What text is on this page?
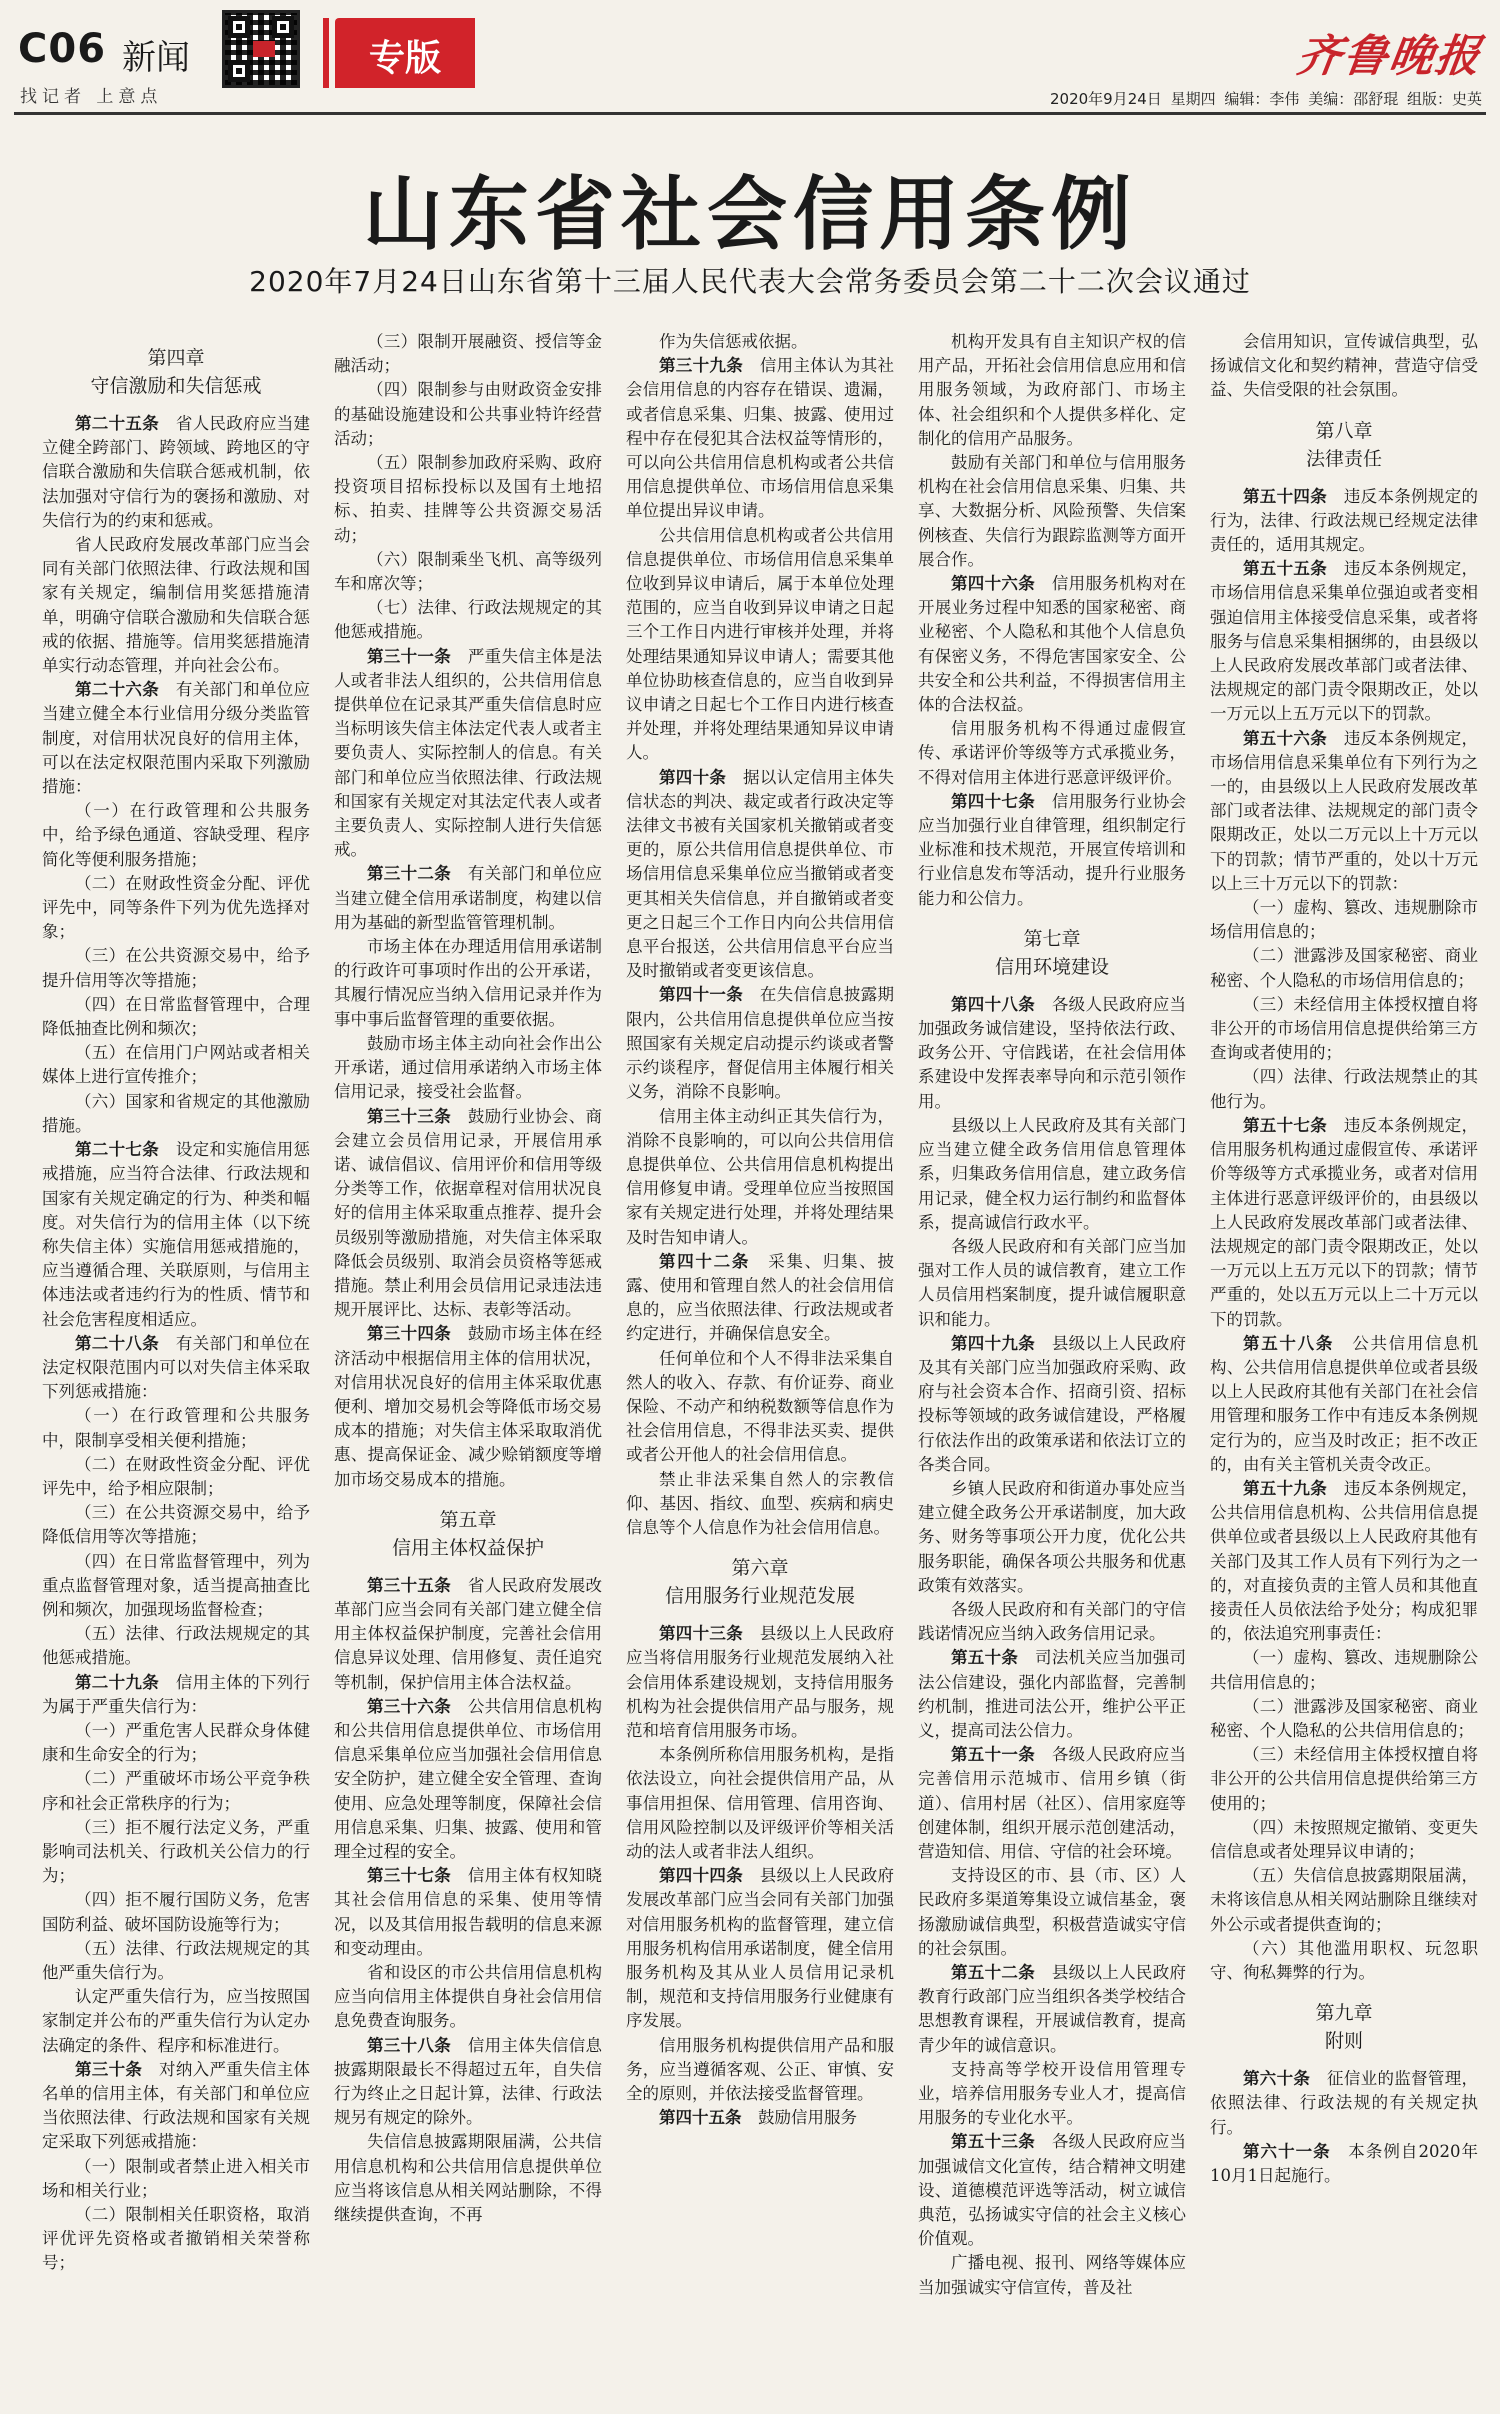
C06 新闻
找记者 上意点
专版	齐鲁晚报
2020年9月24日 星期四 编辑：李伟 美编：邵舒琨 组版：史英
山东省社会信用条例
2020年7月24日山东省第十三届人民代表大会常务委员会第二十二次会议通过
第四章
守信激励和失信惩戒

第二十五条　 省人民政府应当建立健全跨部门、跨领域、跨地区的守信联合激励和失信联合惩戒机制，依法加强对守信行为的褒扬和激励、对失信行为的约束和惩戒。

省人民政府发展改革部门应当会同有关部门依照法律、行政法规和国家有关规定，编制信用奖惩措施清单，明确守信联合激励和失信联合惩戒的依据、措施等。信用奖惩措施清单实行动态管理，并向社会公布。

第二十六条　 有关部门和单位应当建立健全本行业信用分级分类监管制度，对信用状况良好的信用主体，可以在法定权限范围内采取下列激励措施：

（一）在行政管理和公共服务中，给予绿色通道、容缺受理、程序简化等便利服务措施；

（二）在财政性资金分配、评优评先中，同等条件下列为优先选择对象；

（三）在公共资源交易中，给予提升信用等次等措施；

（四）在日常监督管理中，合理降低抽查比例和频次；

（五）在信用门户网站或者相关媒体上进行宣传推介；

（六）国家和省规定的其他激励措施。

第二十七条　 设定和实施信用惩戒措施，应当符合法律、行政法规和国家有关规定确定的行为、种类和幅度。对失信行为的信用主体（以下统称失信主体）实施信用惩戒措施的，应当遵循合理、关联原则，与信用主体违法或者违约行为的性质、情节和社会危害程度相适应。

第二十八条　 有关部门和单位在法定权限范围内可以对失信主体采取下列惩戒措施：

（一）在行政管理和公共服务中，限制享受相关便利措施；

（二）在财政性资金分配、评优评先中，给予相应限制；

（三）在公共资源交易中，给予降低信用等次等措施；

（四）在日常监督管理中，列为重点监督管理对象，适当提高抽查比例和频次，加强现场监督检查；

（五）法律、行政法规规定的其他惩戒措施。

第二十九条　 信用主体的下列行为属于严重失信行为：

（一）严重危害人民群众身体健康和生命安全的行为；

（二）严重破坏市场公平竞争秩序和社会正常秩序的行为；

（三）拒不履行法定义务，严重影响司法机关、行政机关公信力的行为；

（四）拒不履行国防义务，危害国防利益、破坏国防设施等行为；

（五）法律、行政法规规定的其他严重失信行为。

认定严重失信行为，应当按照国家制定并公布的严重失信行为认定办法确定的条件、程序和标准进行。

第三十条　 对纳入严重失信主体名单的信用主体，有关部门和单位应当依照法律、行政法规和国家有关规定采取下列惩戒措施：

（一）限制或者禁止进入相关市场和相关行业；

（二）限制相关任职资格，取消评优评先资格或者撤销相关荣誉称号；

（三）限制开展融资、授信等金融活动；

（四）限制参与由财政资金安排的基础设施建设和公共事业特许经营活动；

（五）限制参加政府采购、政府投资项目招标投标以及国有土地招标、拍卖、挂牌等公共资源交易活动；

（六）限制乘坐飞机、高等级列车和席次等；

（七）法律、行政法规规定的其他惩戒措施。

第三十一条　 严重失信主体是法人或者非法人组织的，公共信用信息提供单位在记录其严重失信信息时应当标明该失信主体法定代表人或者主要负责人、实际控制人的信息。有关部门和单位应当依照法律、行政法规和国家有关规定对其法定代表人或者主要负责人、实际控制人进行失信惩戒。

第三十二条　 有关部门和单位应当建立健全信用承诺制度，构建以信用为基础的新型监管管理机制。

市场主体在办理适用信用承诺制的行政许可事项时作出的公开承诺，其履行情况应当纳入信用记录并作为事中事后监督管理的重要依据。

鼓励市场主体主动向社会作出公开承诺，通过信用承诺纳入市场主体信用记录，接受社会监督。

第三十三条　 鼓励行业协会、商会建立会员信用记录，开展信用承诺、诚信倡议、信用评价和信用等级分类等工作，依据章程对信用状况良好的信用主体采取重点推荐、提升会员级别等激励措施，对失信主体采取降低会员级别、取消会员资格等惩戒措施。禁止利用会员信用记录违法违规开展评比、达标、表彰等活动。

第三十四条　 鼓励市场主体在经济活动中根据信用主体的信用状况，对信用状况良好的信用主体采取优惠便利、增加交易机会等降低市场交易成本的措施；对失信主体采取取消优惠、提高保证金、减少赊销额度等增加市场交易成本的措施。

第五章
信用主体权益保护

第三十五条　 省人民政府发展改革部门应当会同有关部门建立健全信用主体权益保护制度，完善社会信用信息异议处理、信用修复、责任追究等机制，保护信用主体合法权益。

第三十六条　 公共信用信息机构和公共信用信息提供单位、市场信用信息采集单位应当加强社会信用信息安全防护，建立健全安全管理、查询使用、应急处理等制度，保障社会信用信息采集、归集、披露、使用和管理全过程的安全。

第三十七条　 信用主体有权知晓其社会信用信息的采集、使用等情况，以及其信用报告载明的信息来源和变动理由。

省和设区的市公共信用信息机构应当向信用主体提供自身社会信用信息免费查询服务。

第三十八条　 信用主体失信信息披露期限最长不得超过五年，自失信行为终止之日起计算，法律、行政法规另有规定的除外。

失信信息披露期限届满，公共信用信息机构和公共信用信息提供单位应当将该信息从相关网站删除，不得继续提供查询，不再

作为失信惩戒依据。

第三十九条　 信用主体认为其社会信用信息的内容存在错误、遗漏，或者信息采集、归集、披露、使用过程中存在侵犯其合法权益等情形的，可以向公共信用信息机构或者公共信用信息提供单位、市场信用信息采集单位提出异议申请。

公共信用信息机构或者公共信用信息提供单位、市场信用信息采集单位收到异议申请后，属于本单位处理范围的，应当自收到异议申请之日起三个工作日内进行审核并处理，并将处理结果通知异议申请人；需要其他单位协助核查信息的，应当自收到异议申请之日起七个工作日内进行核查并处理，并将处理结果通知异议申请人。

第四十条　 据以认定信用主体失信状态的判决、裁定或者行政决定等法律文书被有关国家机关撤销或者变更的，原公共信用信息提供单位、市场信用信息采集单位应当撤销或者变更其相关失信信息，并自撤销或者变更之日起三个工作日内向公共信用信息平台报送，公共信用信息平台应当及时撤销或者变更该信息。

第四十一条　 在失信信息披露期限内，公共信用信息提供单位应当按照国家有关规定启动提示约谈或者警示约谈程序，督促信用主体履行相关义务，消除不良影响。

信用主体主动纠正其失信行为，消除不良影响的，可以向公共信用信息提供单位、公共信用信息机构提出信用修复申请。受理单位应当按照国家有关规定进行处理，并将处理结果及时告知申请人。

第四十二条　 采集、归集、披露、使用和管理自然人的社会信用信息的，应当依照法律、行政法规或者约定进行，并确保信息安全。

任何单位和个人不得非法采集自然人的收入、存款、有价证券、商业保险、不动产和纳税数额等信息作为社会信用信息，不得非法买卖、提供或者公开他人的社会信用信息。

禁止非法采集自然人的宗教信仰、基因、指纹、血型、疾病和病史信息等个人信息作为社会信用信息。

第六章
信用服务行业规范发展

第四十三条　 县级以上人民政府应当将信用服务行业规范发展纳入社会信用体系建设规划，支持信用服务机构为社会提供信用产品与服务，规范和培育信用服务市场。

本条例所称信用服务机构，是指依法设立，向社会提供信用产品，从事信用担保、信用管理、信用咨询、信用风险控制以及评级评价等相关活动的法人或者非法人组织。

第四十四条　 县级以上人民政府发展改革部门应当会同有关部门加强对信用服务机构的监督管理，建立信用服务机构信用承诺制度，健全信用服务机构及其从业人员信用记录机制，规范和支持信用服务行业健康有序发展。

信用服务机构提供信用产品和服务，应当遵循客观、公正、审慎、安全的原则，并依法接受监督管理。

第四十五条　 鼓励信用服务

机构开发具有自主知识产权的信用产品，开拓社会信用信息应用和信用服务领域，为政府部门、市场主体、社会组织和个人提供多样化、定制化的信用产品服务。

鼓励有关部门和单位与信用服务机构在社会信用信息采集、归集、共享、大数据分析、风险预警、失信案例核查、失信行为跟踪监测等方面开展合作。

第四十六条　 信用服务机构对在开展业务过程中知悉的国家秘密、商业秘密、个人隐私和其他个人信息负有保密义务，不得危害国家安全、公共安全和公共利益，不得损害信用主体的合法权益。

信用服务机构不得通过虚假宣传、承诺评价等级等方式承揽业务，不得对信用主体进行恶意评级评价。

第四十七条　 信用服务行业协会应当加强行业自律管理，组织制定行业标准和技术规范，开展宣传培训和行业信息发布等活动，提升行业服务能力和公信力。

第七章
信用环境建设

第四十八条　 各级人民政府应当加强政务诚信建设，坚持依法行政、政务公开、守信践诺，在社会信用体系建设中发挥表率导向和示范引领作用。

县级以上人民政府及其有关部门应当建立健全政务信用信息管理体系，归集政务信用信息，建立政务信用记录，健全权力运行制约和监督体系，提高诚信行政水平。

各级人民政府和有关部门应当加强对工作人员的诚信教育，建立工作人员信用档案制度，提升诚信履职意识和能力。

第四十九条　 县级以上人民政府及其有关部门应当加强政府采购、政府与社会资本合作、招商引资、招标投标等领域的政务诚信建设，严格履行依法作出的政策承诺和依法订立的各类合同。

乡镇人民政府和街道办事处应当建立健全政务公开承诺制度，加大政务、财务等事项公开力度，优化公共服务职能，确保各项公共服务和优惠政策有效落实。

各级人民政府和有关部门的守信践诺情况应当纳入政务信用记录。

第五十条　 司法机关应当加强司法公信建设，强化内部监督，完善制约机制，推进司法公开，维护公平正义，提高司法公信力。

第五十一条　 各级人民政府应当完善信用示范城市、信用乡镇（街道）、信用村居（社区）、信用家庭等创建体制，组织开展示范创建活动，营造知信、用信、守信的社会环境。

支持设区的市、县（市、区）人民政府多渠道筹集设立诚信基金，褒扬激励诚信典型，积极营造诚实守信的社会氛围。

第五十二条　 县级以上人民政府教育行政部门应当组织各类学校结合思想教育课程，开展诚信教育，提高青少年的诚信意识。

支持高等学校开设信用管理专业，培养信用服务专业人才，提高信用服务的专业化水平。

第五十三条　 各级人民政府应当加强诚信文化宣传，结合精神文明建设、道德模范评选等活动，树立诚信典范，弘扬诚实守信的社会主义核心价值观。

广播电视、报刊、网络等媒体应当加强诚实守信宣传，普及社

会信用知识，宣传诚信典型，弘扬诚信文化和契约精神，营造守信受益、失信受限的社会氛围。

第八章
法律责任

第五十四条　 违反本条例规定的行为，法律、行政法规已经规定法律责任的，适用其规定。

第五十五条　 违反本条例规定，市场信用信息采集单位强迫或者变相强迫信用主体接受信息采集，或者将服务与信息采集相捆绑的，由县级以上人民政府发展改革部门或者法律、法规规定的部门责令限期改正，处以一万元以上五万元以下的罚款。

第五十六条　 违反本条例规定，市场信用信息采集单位有下列行为之一的，由县级以上人民政府发展改革部门或者法律、法规规定的部门责令限期改正，处以二万元以上十万元以下的罚款；情节严重的，处以十万元以上三十万元以下的罚款：

（一）虚构、篡改、违规删除市场信用信息的；

（二）泄露涉及国家秘密、商业秘密、个人隐私的市场信用信息的；

（三）未经信用主体授权擅自将非公开的市场信用信息提供给第三方查询或者使用的；

（四）法律、行政法规禁止的其他行为。

第五十七条　 违反本条例规定，信用服务机构通过虚假宣传、承诺评价等级等方式承揽业务，或者对信用主体进行恶意评级评价的，由县级以上人民政府发展改革部门或者法律、法规规定的部门责令限期改正，处以一万元以上五万元以下的罚款；情节严重的，处以五万元以上二十万元以下的罚款。

第五十八条　 公共信用信息机构、公共信用信息提供单位或者县级以上人民政府其他有关部门在社会信用管理和服务工作中有违反本条例规定行为的，应当及时改正；拒不改正的，由有关主管机关责令改正。

第五十九条　 违反本条例规定，公共信用信息机构、公共信用信息提供单位或者县级以上人民政府其他有关部门及其工作人员有下列行为之一的，对直接负责的主管人员和其他直接责任人员依法给予处分；构成犯罪的，依法追究刑事责任：

（一）虚构、篡改、违规删除公共信用信息的；

（二）泄露涉及国家秘密、商业秘密、个人隐私的公共信用信息的；

（三）未经信用主体授权擅自将非公开的公共信用信息提供给第三方使用的；

（四）未按照规定撤销、变更失信信息或者处理异议申请的；

（五）失信信息披露期限届满，未将该信息从相关网站删除且继续对外公示或者提供查询的；

（六）其他滥用职权、玩忽职守、徇私舞弊的行为。

第九章
附则

第六十条　 征信业的监督管理，依照法律、行政法规的有关规定执行。

第六十一条　 本条例自2020年10月1日起施行。
